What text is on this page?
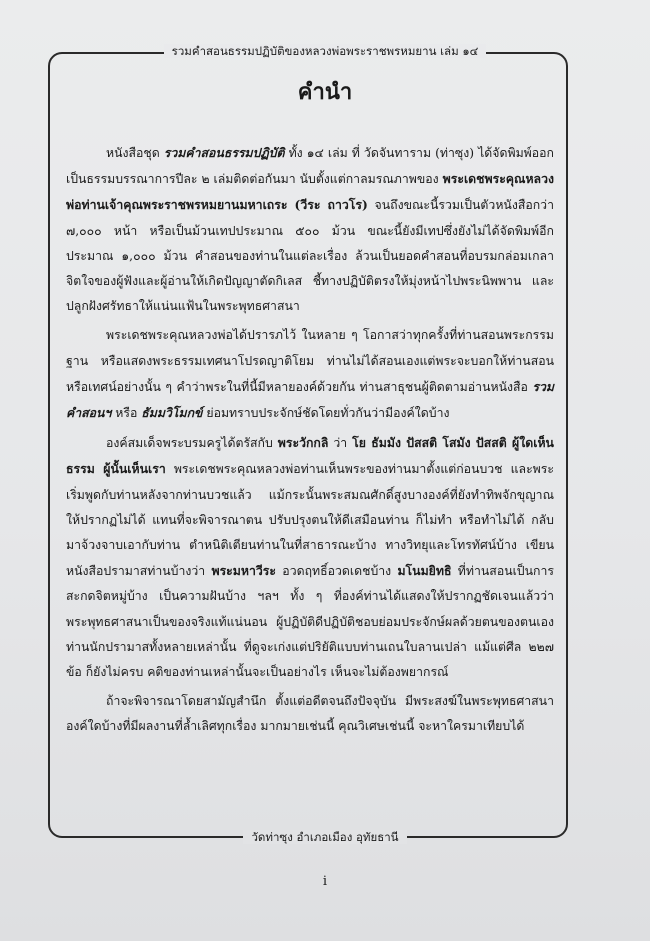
รวมคำสอนธรรมปฏิบัติของหลวงพ่อพระราชพรหมยาน เล่ม ๑๔
คำนำ

หนังสือชุด รวมคำสอนธรรมปฏิบัติ ทั้ง ๑๔ เล่ม ที่ วัดจันทาราม (ท่าซุง) ได้จัดพิมพ์ออกเป็นธรรมบรรณาการปีละ ๒ เล่มติดต่อกันมา นับตั้งแต่กาลมรณภาพของ พระเดชพระคุณหลวงพ่อท่านเจ้าคุณพระราชพรหมยานมหาเถระ (วีระ ถาวโร) จนถึงขณะนี้รวมเป็นตัวหนังสือกว่า ๗,๐๐๐ หน้า หรือเป็นม้วนเทปประมาณ ๕๐๐ ม้วน ขณะนี้ยังมีเทปซึ่งยังไม่ได้จัดพิมพ์อีกประมาณ ๑,๐๐๐ ม้วน คำสอนของท่านในแต่ละเรื่อง ล้วนเป็นยอดคำสอนที่อบรมกล่อมเกลาจิตใจของผู้ฟังและผู้อ่านให้เกิดปัญญาตัดกิเลส ชี้ทางปฏิบัติตรงให้มุ่งหน้าไปพระนิพพาน และปลูกฝังศรัทธาให้แน่นแฟ้นในพระพุทธศาสนา

พระเดชพระคุณหลวงพ่อได้ปรารภไว้ ในหลาย ๆ โอกาสว่าทุกครั้งที่ท่านสอนพระกรรมฐาน หรือแสดงพระธรรมเทศนาโปรดญาติโยม ท่านไม่ได้สอนเองแต่พระจะบอกให้ท่านสอน หรือเทศน์อย่างนั้น ๆ คำว่าพระในที่นี้มีหลายองค์ด้วยกัน ท่านสาธุชนผู้ติดตามอ่านหนังสือ รวมคำสอนฯ หรือ ธัมมวิโมกข์ ย่อมทราบประจักษ์ชัดโดยทั่วกันว่ามีองค์ใดบ้าง

องค์สมเด็จพระบรมครูได้ตรัสกับ พระวักกลิ ว่า โย ธัมมัง ปัสสติ โสมัง ปัสสติ ผู้ใดเห็นธรรม ผู้นั้นเห็นเรา พระเดชพระคุณหลวงพ่อท่านเห็นพระของท่านมาตั้งแต่ก่อนบวช และพระเริ่มพูดกับท่านหลังจากท่านบวชแล้ว แม้กระนั้นพระสมณศักดิ์สูงบางองค์ที่ยังทำทิพจักขุญาณให้ปรากฏไม่ได้ แทนที่จะพิจารณาตน ปรับปรุงตนให้ดีเสมือนท่าน ก็ไม่ทำ หรือทำไม่ได้ กลับมาจ้วงจาบเอากับท่าน ตำหนิติเตียนท่านในที่สาธารณะบ้าง ทางวิทยุและโทรทัศน์บ้าง เขียนหนังสือปรามาสท่านบ้างว่า พระมหาวีระ อวดฤทธิ์อวดเดชบ้าง มโนมยิทธิ ที่ท่านสอนเป็นการสะกดจิตหมู่บ้าง เป็นความฝันบ้าง ฯลฯ ทั้ง ๆ ที่องค์ท่านได้แสดงให้ปรากฏชัดเจนแล้วว่าพระพุทธศาสนาเป็นของจริงแท้แน่นอน ผู้ปฏิบัติดีปฏิบัติชอบย่อมประจักษ์ผลด้วยตนของตนเอง ท่านนักปรามาสทั้งหลายเหล่านั้น ที่ดูจะเก่งแต่ปริยัติแบบท่านเถนใบลานเปล่า แม้แต่ศีล ๒๒๗ ข้อ ก็ยังไม่ครบ คติของท่านเหล่านั้นจะเป็นอย่างไร เห็นจะไม่ต้องพยากรณ์

ถ้าจะพิจารณาโดยสามัญสำนึก ตั้งแต่อดีตจนถึงปัจจุบัน มีพระสงฆ์ในพระพุทธศาสนาองค์ใดบ้างที่มีผลงานที่ล้ำเลิศทุกเรื่อง มากมายเช่นนี้ คุณวิเศษเช่นนี้ จะหาใครมาเทียบได้

วัดท่าซุง อำเภอเมือง อุทัยธานี
i
